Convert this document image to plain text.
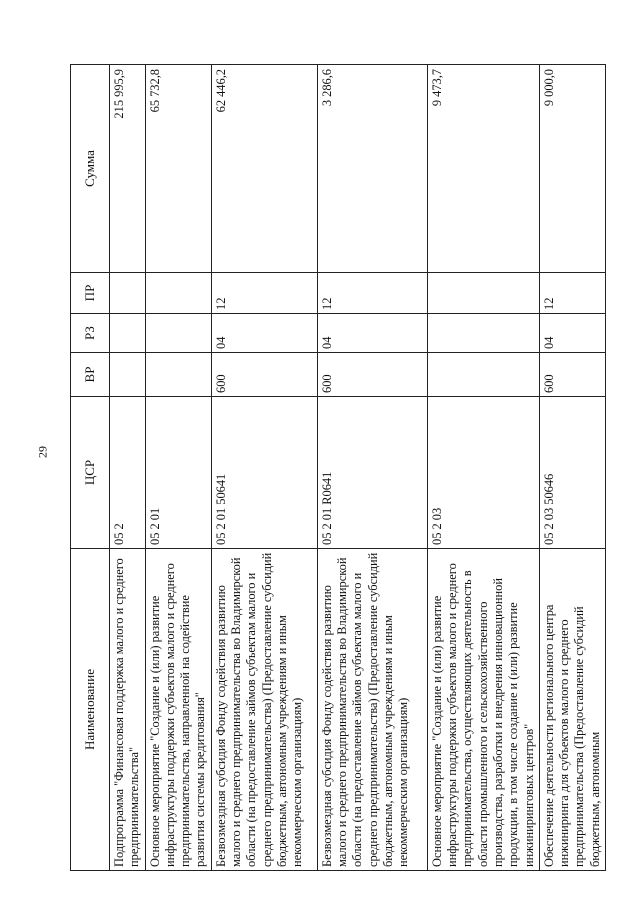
29
Наименование	ЦСР	ВР	РЗ	ПР	Сумма
Подпрограмма "Финансовая поддержка малого и среднего предпринимательства"	05 2				215 995,9
Основное мероприятие "Создание и (или) развитие инфраструктуры поддержки субъектов малого и среднего предпринимательства, направленной на содействие развития системы кредитования"	05 2 01				65 732,8
Безвозмездная субсидия Фонду содействия развитию малого и среднего предпринимательства во Владимирской области (на предоставление займов субъектам малого и среднего предпринимательства) (Предоставление субсидий бюджетным, автономным учреждениям и иным некоммерческим организациям)	05 2 01 50641	600	04	12	62 446,2
Безвозмездная субсидия Фонду содействия развитию малого и среднего предпринимательства во Владимирской области (на предоставление займов субъектам малого и среднего предпринимательства) (Предоставление субсидий бюджетным, автономным учреждениям и иным некоммерческим организациям)	05 2 01 R0641	600	04	12	3 286,6
Основное мероприятие "Создание и (или) развитие инфраструктуры поддержки субъектов малого и среднего предпринимательства, осуществляющих деятельность в области промышленного и сельскохозяйственного производства, разработки и внедрения инновационной продукции, в том числе создание и (или) развитие инжиниринговых центров"	05 2 03				9 473,7
Обеспечение деятельности регионального центра инжиниринга для субъектов малого и среднего предпринимательства (Предоставление субсидий бюджетным, автономным	05 2 03 50646	600	04	12	9 000,0
